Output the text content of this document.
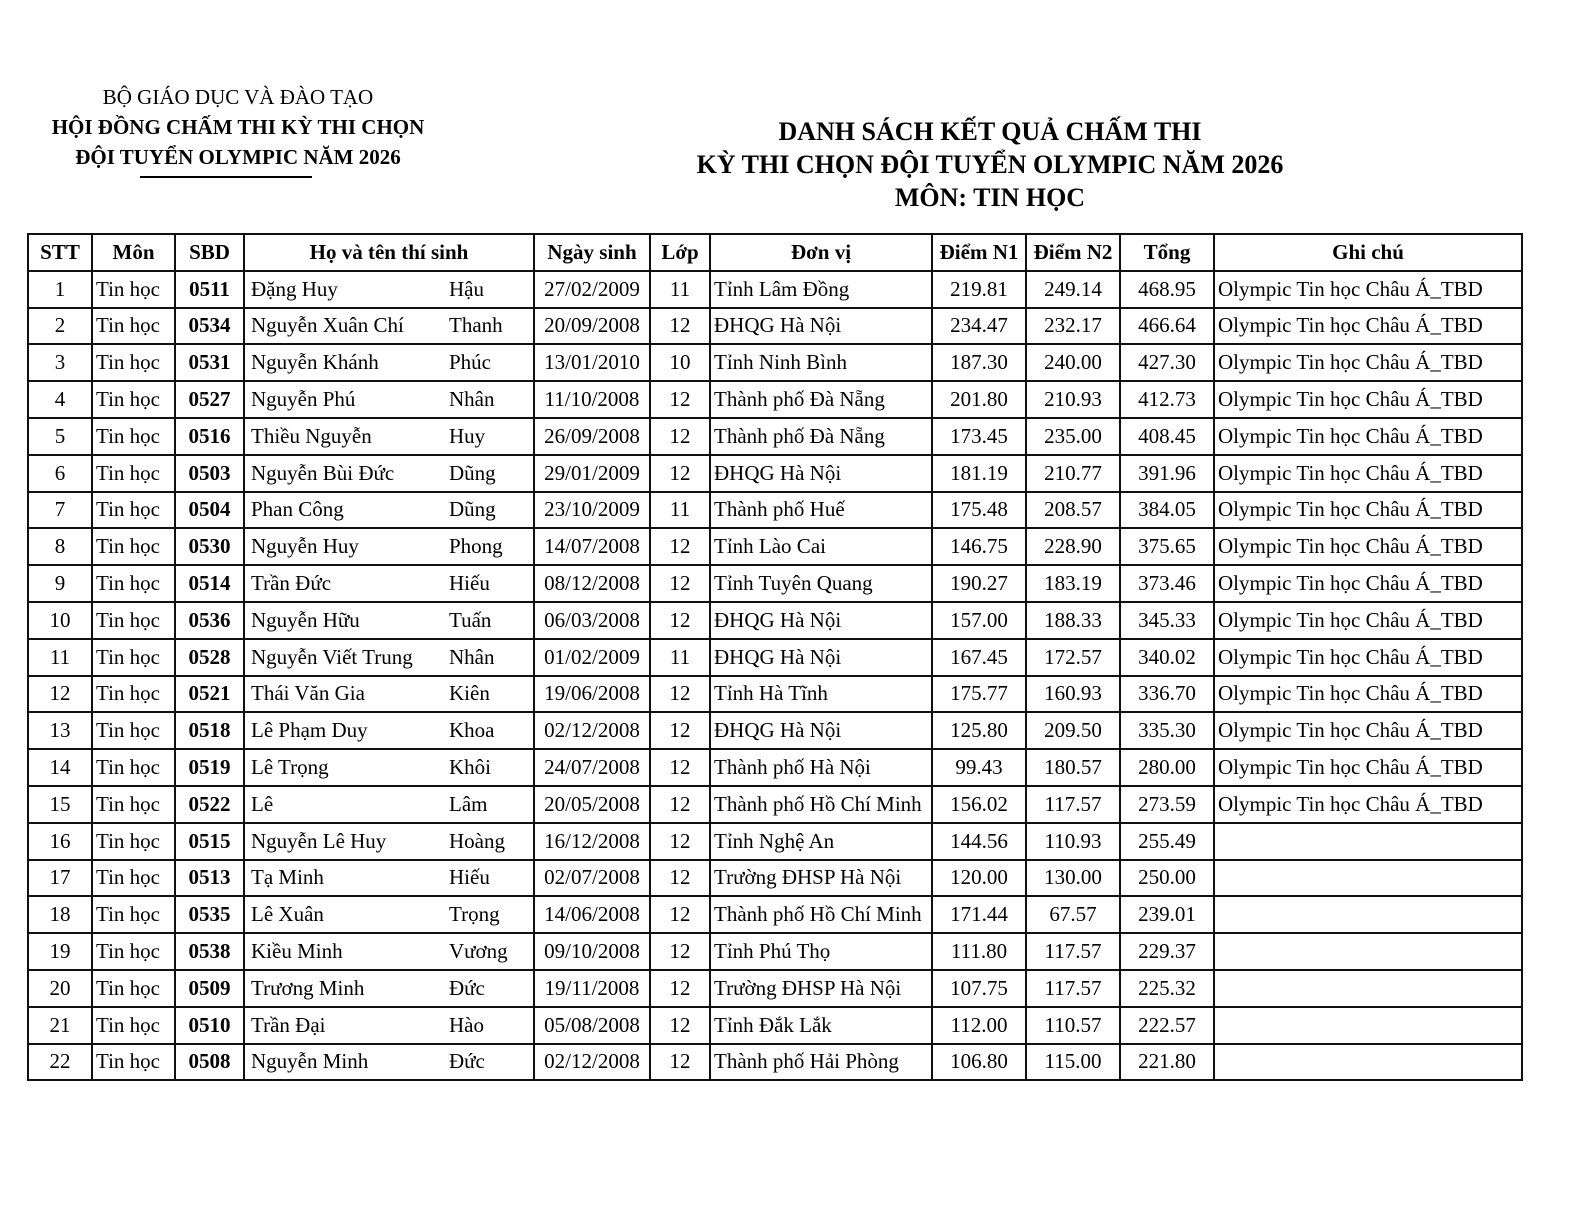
BỘ GIÁO DỤC VÀ ĐÀO TẠO
HỘI ĐỒNG CHẤM THI KỲ THI CHỌN
ĐỘI TUYỂN OLYMPIC NĂM 2026
DANH SÁCH KẾT QUẢ CHẤM THI
KỲ THI CHỌN ĐỘI TUYỂN OLYMPIC NĂM 2026
MÔN: TIN HỌC
STT	Môn	SBD	Họ và tên thí sinh	Ngày sinh	Lớp	Đơn vị	Điểm N1	Điểm N2	Tổng	Ghi chú
1	Tin học	0511	Đặng Huy Hậu	27/02/2009	11	Tỉnh Lâm Đồng	219.81	249.14	468.95	Olympic Tin học Châu Á_TBD
2	Tin học	0534	Nguyễn Xuân Chí Thanh	20/09/2008	12	ĐHQG Hà Nội	234.47	232.17	466.64	Olympic Tin học Châu Á_TBD
3	Tin học	0531	Nguyễn Khánh Phúc	13/01/2010	10	Tỉnh Ninh Bình	187.30	240.00	427.30	Olympic Tin học Châu Á_TBD
4	Tin học	0527	Nguyễn Phú Nhân	11/10/2008	12	Thành phố Đà Nẵng	201.80	210.93	412.73	Olympic Tin học Châu Á_TBD
5	Tin học	0516	Thiều Nguyễn Huy	26/09/2008	12	Thành phố Đà Nẵng	173.45	235.00	408.45	Olympic Tin học Châu Á_TBD
6	Tin học	0503	Nguyễn Bùi Đức Dũng	29/01/2009	12	ĐHQG Hà Nội	181.19	210.77	391.96	Olympic Tin học Châu Á_TBD
7	Tin học	0504	Phan Công Dũng	23/10/2009	11	Thành phố Huế	175.48	208.57	384.05	Olympic Tin học Châu Á_TBD
8	Tin học	0530	Nguyễn Huy Phong	14/07/2008	12	Tỉnh Lào Cai	146.75	228.90	375.65	Olympic Tin học Châu Á_TBD
9	Tin học	0514	Trần Đức Hiếu	08/12/2008	12	Tỉnh Tuyên Quang	190.27	183.19	373.46	Olympic Tin học Châu Á_TBD
10	Tin học	0536	Nguyễn Hữu Tuấn	06/03/2008	12	ĐHQG Hà Nội	157.00	188.33	345.33	Olympic Tin học Châu Á_TBD
11	Tin học	0528	Nguyễn Viết Trung Nhân	01/02/2009	11	ĐHQG Hà Nội	167.45	172.57	340.02	Olympic Tin học Châu Á_TBD
12	Tin học	0521	Thái Văn Gia Kiên	19/06/2008	12	Tỉnh Hà Tĩnh	175.77	160.93	336.70	Olympic Tin học Châu Á_TBD
13	Tin học	0518	Lê Phạm Duy Khoa	02/12/2008	12	ĐHQG Hà Nội	125.80	209.50	335.30	Olympic Tin học Châu Á_TBD
14	Tin học	0519	Lê Trọng Khôi	24/07/2008	12	Thành phố Hà Nội	99.43	180.57	280.00	Olympic Tin học Châu Á_TBD
15	Tin học	0522	Lê Lâm	20/05/2008	12	Thành phố Hồ Chí Minh	156.02	117.57	273.59	Olympic Tin học Châu Á_TBD
16	Tin học	0515	Nguyễn Lê Huy Hoàng	16/12/2008	12	Tỉnh Nghệ An	144.56	110.93	255.49	
17	Tin học	0513	Tạ Minh Hiếu	02/07/2008	12	Trường ĐHSP Hà Nội	120.00	130.00	250.00	
18	Tin học	0535	Lê Xuân Trọng	14/06/2008	12	Thành phố Hồ Chí Minh	171.44	67.57	239.01	
19	Tin học	0538	Kiều Minh Vương	09/10/2008	12	Tỉnh Phú Thọ	111.80	117.57	229.37	
20	Tin học	0509	Trương Minh Đức	19/11/2008	12	Trường ĐHSP Hà Nội	107.75	117.57	225.32	
21	Tin học	0510	Trần Đại Hào	05/08/2008	12	Tỉnh Đắk Lắk	112.00	110.57	222.57	
22	Tin học	0508	Nguyễn Minh Đức	02/12/2008	12	Thành phố Hải Phòng	106.80	115.00	221.80	
